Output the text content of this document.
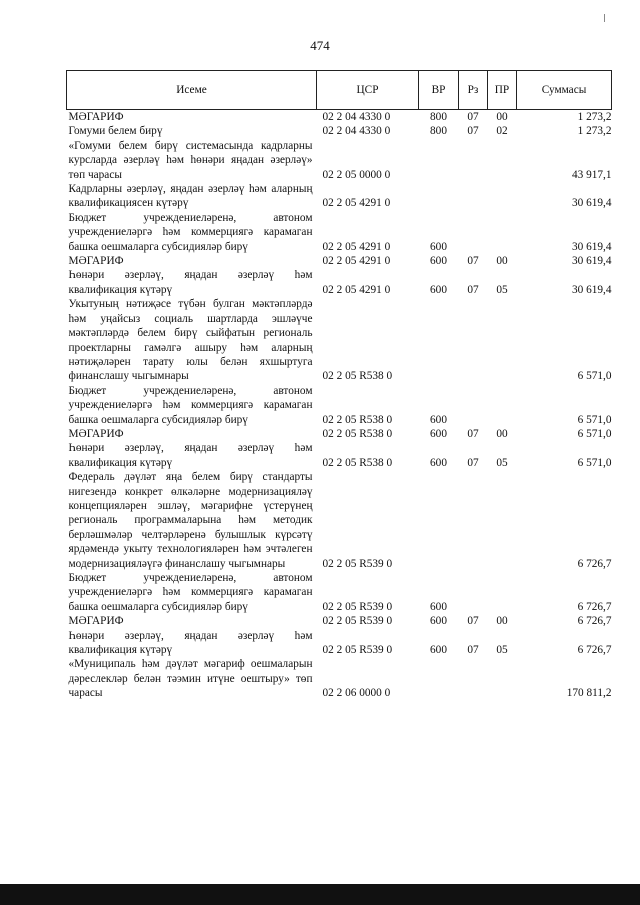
474
Исеме	ЦСР	ВР	Рз	ПР	Суммасы
МӘГАРИФ	02 2 04 4330 0	800	07	00	1 273,2
Гомуми белем бирү	02 2 04 4330 0	800	07	02	1 273,2
«Гомуми белем бирү системасында кадрларны курсларда әзерләү һәм һөнәри яңадан әзерләү» төп чарасы	02 2 05 0000 0				43 917,1
Кадрларны әзерләү, яңадан әзерләү һәм аларның квалификациясен күтәрү	02 2 05 4291 0				30 619,4
Бюджет учреждениеләренә, автоном учреждениеләргә һәм коммерциягә карамаган башка оешмаларга субсидияләр бирү	02 2 05 4291 0	600			30 619,4
МӘГАРИФ	02 2 05 4291 0	600	07	00	30 619,4
Һөнәри әзерләү, яңадан әзерләү һәм квалификация күтәрү	02 2 05 4291 0	600	07	05	30 619,4
Укытуның нәтиҗәсе түбән булган мәктәпләрдә һәм уңайсыз социаль шартларда эшләүче мәктәпләрдә белем бирү сыйфатын региональ проектларны гамәлгә ашыру һәм аларның нәтиҗәләрен тарату юлы белән яхшыртуга финанслашу чыгымнары	02 2 05 R538 0				6 571,0
Бюджет учреждениеләренә, автоном учреждениеләргә һәм коммерциягә карамаган башка оешмаларга субсидияләр бирү	02 2 05 R538 0	600			6 571,0
МӘГАРИФ	02 2 05 R538 0	600	07	00	6 571,0
Һөнәри әзерләү, яңадан әзерләү һәм квалификация күтәрү	02 2 05 R538 0	600	07	05	6 571,0
Федераль дәүләт яңа белем бирү стандарты нигезендә конкрет өлкәләрне модернизацияләү концепцияләрен эшләү, мәгарифне үстерүнең региональ программаларына һәм методик берләшмәләр челтәрләренә булышлык күрсәтү ярдәмендә укыту технологияләрен һәм эчтәлеген модернизацияләүгә финанслашу чыгымнары	02 2 05 R539 0				6 726,7
Бюджет учреждениеләренә, автоном учреждениеләргә һәм коммерциягә карамаган башка оешмаларга субсидияләр бирү	02 2 05 R539 0	600			6 726,7
МӘГАРИФ	02 2 05 R539 0	600	07	00	6 726,7
Һөнәри әзерләү, яңадан әзерләү һәм квалификация күтәрү	02 2 05 R539 0	600	07	05	6 726,7
«Муниципаль һәм дәүләт мәгариф оешмаларын дәреслекләр белән тәэмин итүне оештыру» төп чарасы	02 2 06 0000 0				170 811,2
